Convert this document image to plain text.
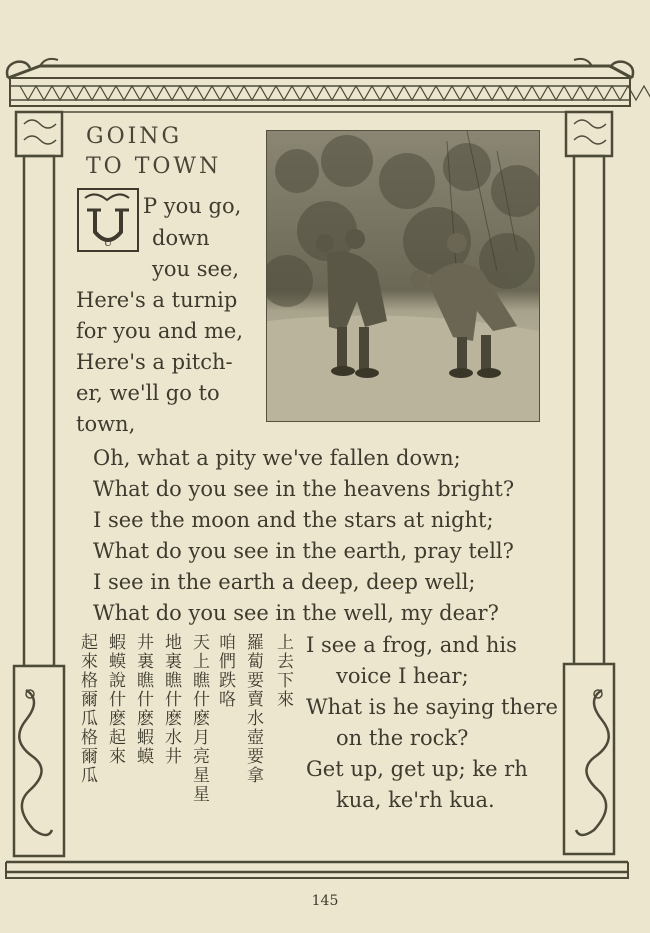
GOING
TO TOWN
U
P you go,
down
you see,
Here's a turnip
for you and me,
Here's a pitch-
er, we'll go to
town,
Oh, what a pity we've fallen down;
What do you see in the heavens bright?
I see the moon and the stars at night;
What do you see in the earth, pray tell?
I see in the earth a deep, deep well;
What do you see in the well, my dear?
I see a frog, and his
voice I hear;
What is he saying there
on the rock?
Get up, get up; ke rh
kua, ke'rh kua.
上去下來
羅蔔要賣水壺要拿
咱們跌咯
天上瞧什麽月亮星星
地裏瞧什麽水井
井裏瞧什麽蝦蟆
蝦蟆說什麽起來
起來格爾瓜格爾瓜
145
